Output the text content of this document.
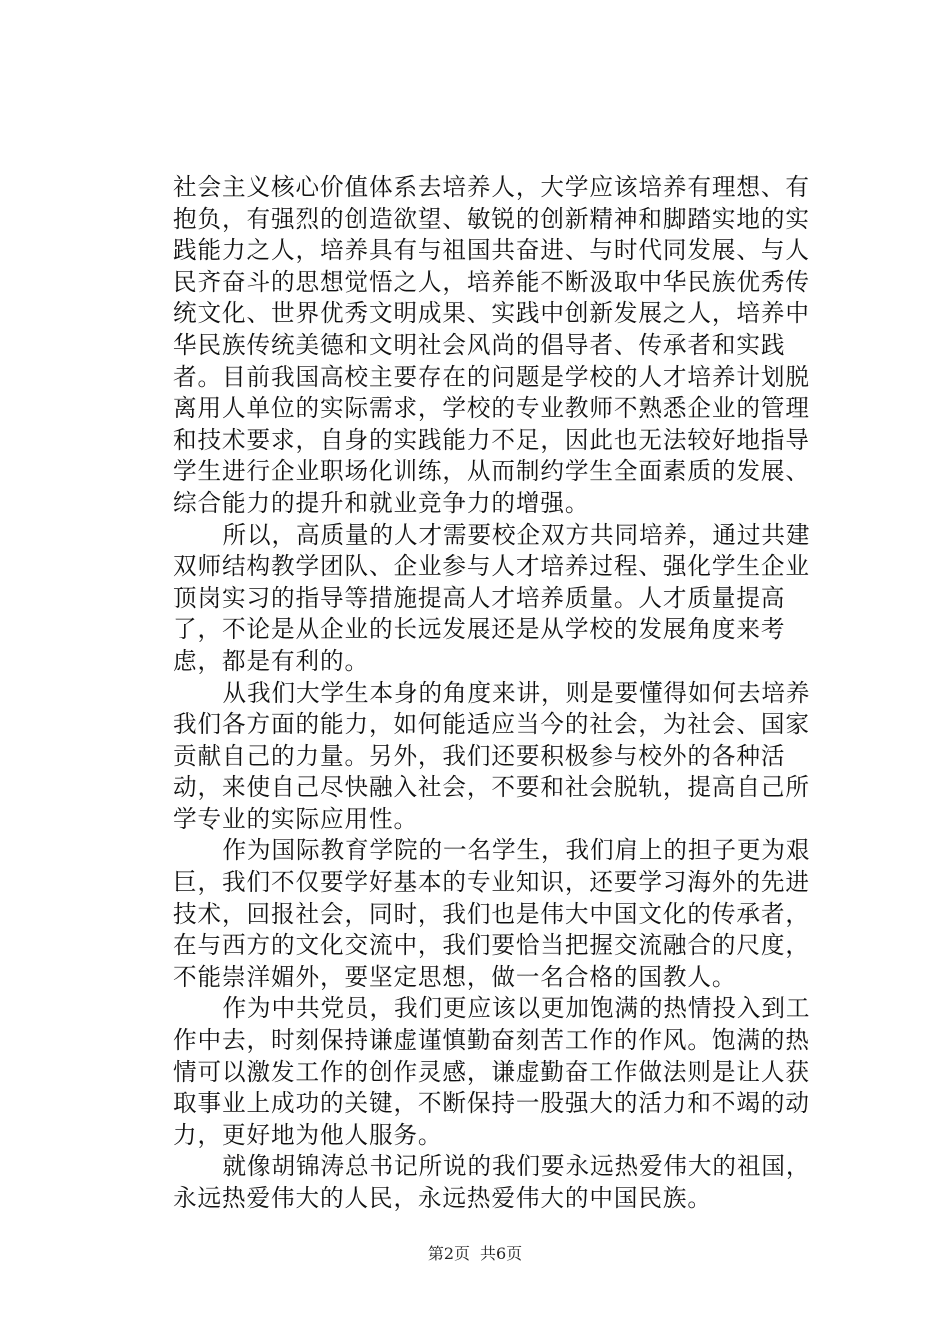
社会主义核心价值体系去培养人，大学应该培养有理想、有抱负，有强烈的创造欲望、敏锐的创新精神和脚踏实地的实践能力之人，培养具有与祖国共奋进、与时代同发展、与人民齐奋斗的思想觉悟之人，培养能不断汲取中华民族优秀传统文化、世界优秀文明成果、实践中创新发展之人，培养中华民族传统美德和文明社会风尚的倡导者、传承者和实践者。目前我国高校主要存在的问题是学校的人才培养计划脱离用人单位的实际需求，学校的专业教师不熟悉企业的管理和技术要求，自身的实践能力不足，因此也无法较好地指导学生进行企业职场化训练，从而制约学生全面素质的发展、综合能力的提升和就业竞争力的增强。

所以，高质量的人才需要校企双方共同培养，通过共建双师结构教学团队、企业参与人才培养过程、强化学生企业顶岗实习的指导等措施提高人才培养质量。人才质量提高了，不论是从企业的长远发展还是从学校的发展角度来考虑，都是有利的。

从我们大学生本身的角度来讲，则是要懂得如何去培养我们各方面的能力，如何能适应当今的社会，为社会、国家贡献自己的力量。另外，我们还要积极参与校外的各种活动，来使自己尽快融入社会，不要和社会脱轨，提高自己所学专业的实际应用性。

作为国际教育学院的一名学生，我们肩上的担子更为艰巨，我们不仅要学好基本的专业知识，还要学习海外的先进技术，回报社会，同时，我们也是伟大中国文化的传承者，在与西方的文化交流中，我们要恰当把握交流融合的尺度，不能崇洋媚外，要坚定思想，做一名合格的国教人。

作为中共党员，我们更应该以更加饱满的热情投入到工作中去，时刻保持谦虚谨慎勤奋刻苦工作的作风。饱满的热情可以激发工作的创作灵感，谦虚勤奋工作做法则是让人获取事业上成功的关键，不断保持一股强大的活力和不竭的动力，更好地为他人服务。

就像胡锦涛总书记所说的我们要永远热爱伟大的祖国，永远热爱伟大的人民，永远热爱伟大的中国民族。

第2页 共6页
